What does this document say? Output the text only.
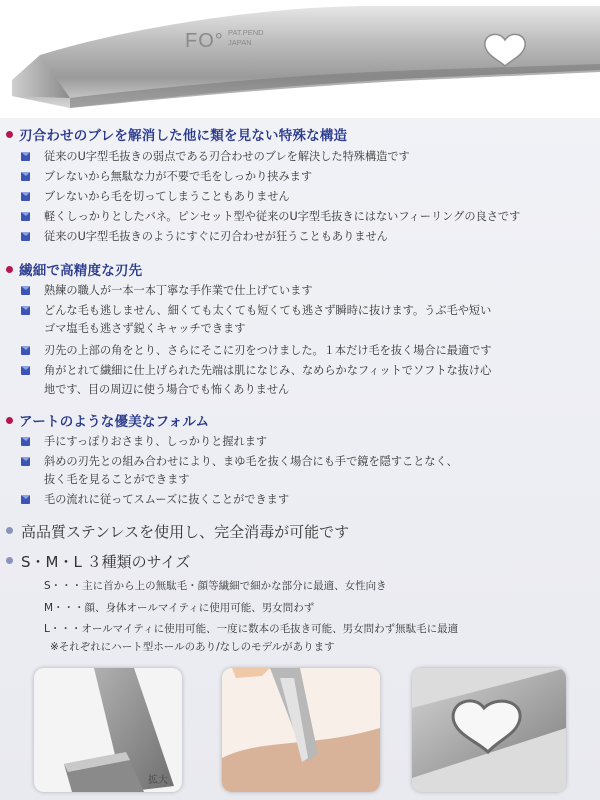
FO° PAT.PEND
JAPAN
刃合わせのブレを解消した他に類を見ない特殊な構造
従来のU字型毛抜きの弱点である刃合わせのブレを解決した特殊構造です
ブレないから無駄な力が不要で毛をしっかり挟みます
ブレないから毛を切ってしまうこともありません
軽くしっかりとしたバネ。ピンセット型や従来のU字型毛抜きにはないフィーリングの良さです
従来のU字型毛抜きのようにすぐに刃合わせが狂うこともありません
繊細で高精度な刃先
熟練の職人が一本一本丁寧な手作業で仕上げています
どんな毛も逃しません、細くても太くても短くても逃さず瞬時に抜けます。うぶ毛や短い
ゴマ塩毛も逃さず鋭くキャッチできます
刃先の上部の角をとり、さらにそこに刃をつけました。１本だけ毛を抜く場合に最適です
角がとれて繊細に仕上げられた先端は肌になじみ、なめらかなフィットでソフトな抜け心
地です、目の周辺に使う場合でも怖くありません
アートのような優美なフォルム
手にすっぽりおさまり、しっかりと握れます
斜めの刃先との組み合わせにより、まゆ毛を抜く場合にも手で鏡を隠すことなく、
抜く毛を見ることができます
毛の流れに従ってスムーズに抜くことができます
高品質ステンレスを使用し、完全消毒が可能です
S・M・L ３種類のサイズ
S・・・主に首から上の無駄毛・顔等繊細で細かな部分に最適、女性向き
M・・・顔、身体オールマイティに使用可能、男女問わず
L・・・オールマイティに使用可能、一度に数本の毛抜き可能、男女問わず無駄毛に最適
※それぞれにハート型ホールのあり/なしのモデルがあります
拡大
